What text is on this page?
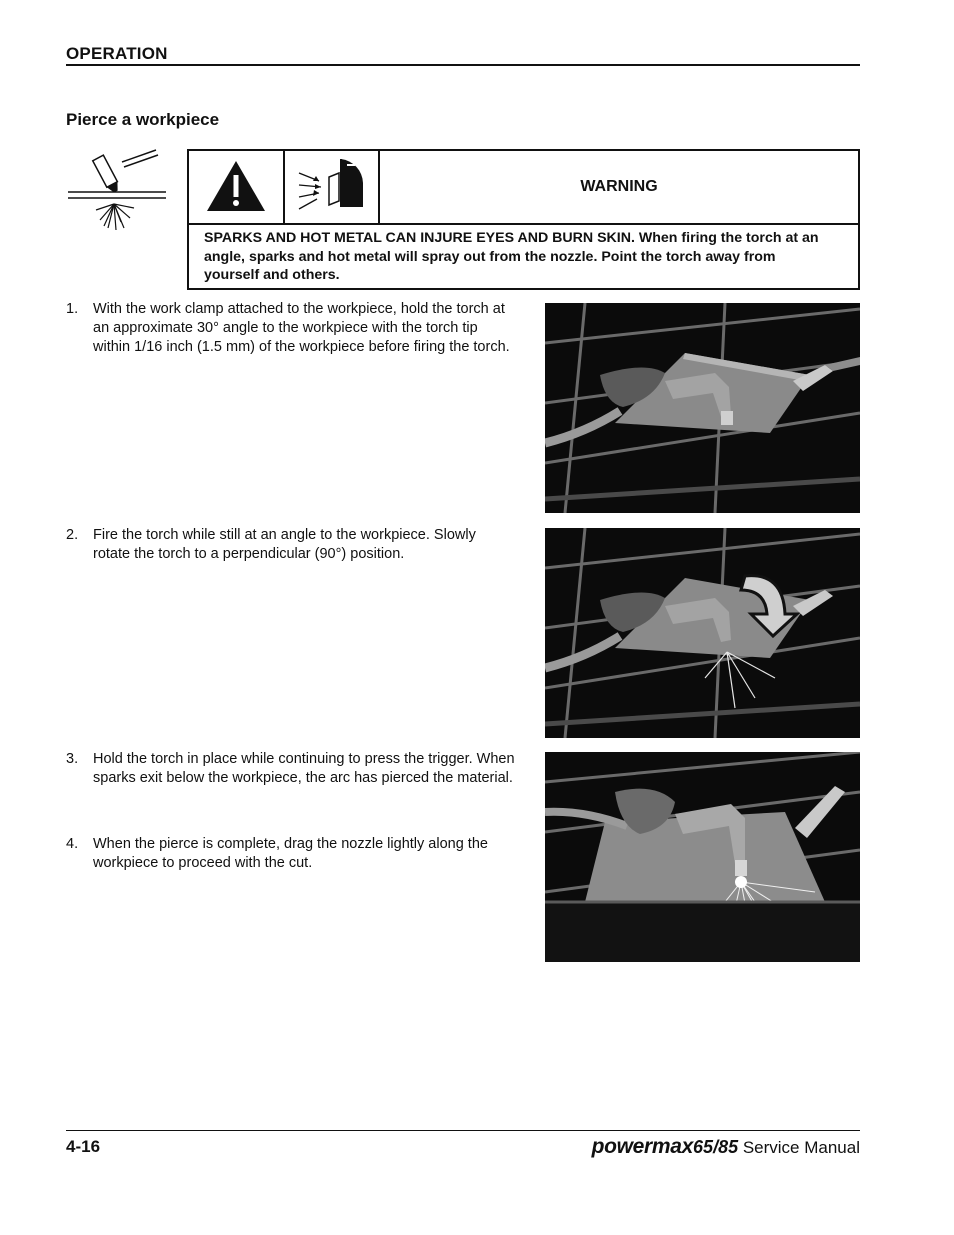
OPERATION
Pierce a workpiece
WARNING
SPARKS AND HOT METAL CAN INJURE EYES AND BURN SKIN. When firing the torch at an angle, sparks and hot metal will spray out from the nozzle. Point the torch away from yourself and others.
1. With the work clamp attached to the workpiece, hold the torch at an approximate 30° angle to the workpiece with the torch tip within 1/16 inch (1.5 mm) of the workpiece before firing the torch.
2. Fire the torch while still at an angle to the workpiece. Slowly rotate the torch to a perpendicular (90°) position.
3. Hold the torch in place while continuing to press the trigger. When sparks exit below the workpiece, the arc has pierced the material.
4. When the pierce is complete, drag the nozzle lightly along the workpiece to proceed with the cut.
4-16	powermax65/85 Service Manual
